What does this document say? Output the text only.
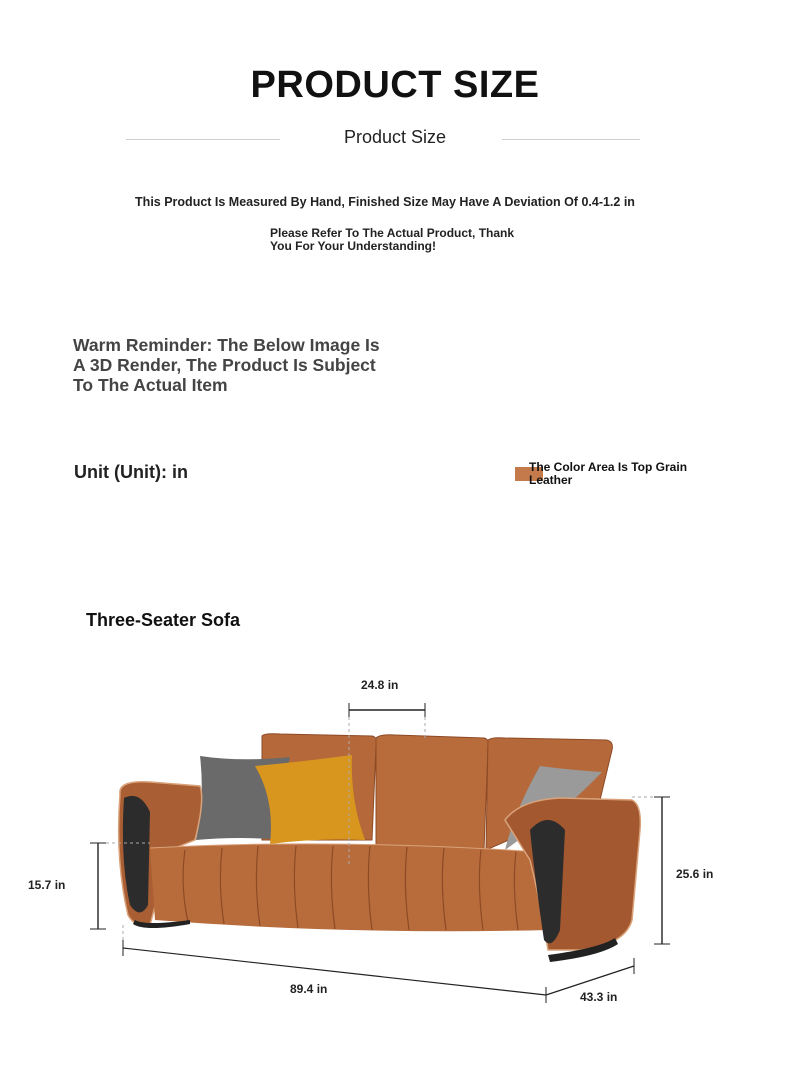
PRODUCT SIZE
Product Size
This Product Is Measured By Hand, Finished Size May Have A Deviation Of 0.4-1.2 in
Please Refer To The Actual Product, Thank You For Your Understanding!
Warm Reminder: The Below Image Is A 3D Render, The Product Is Subject To The Actual Item
Unit (Unit): in	The Color Area Is Top Grain Leather
Three-Seater Sofa
24.8 in
15.7 in
25.6 in
89.4 in
43.3 in
